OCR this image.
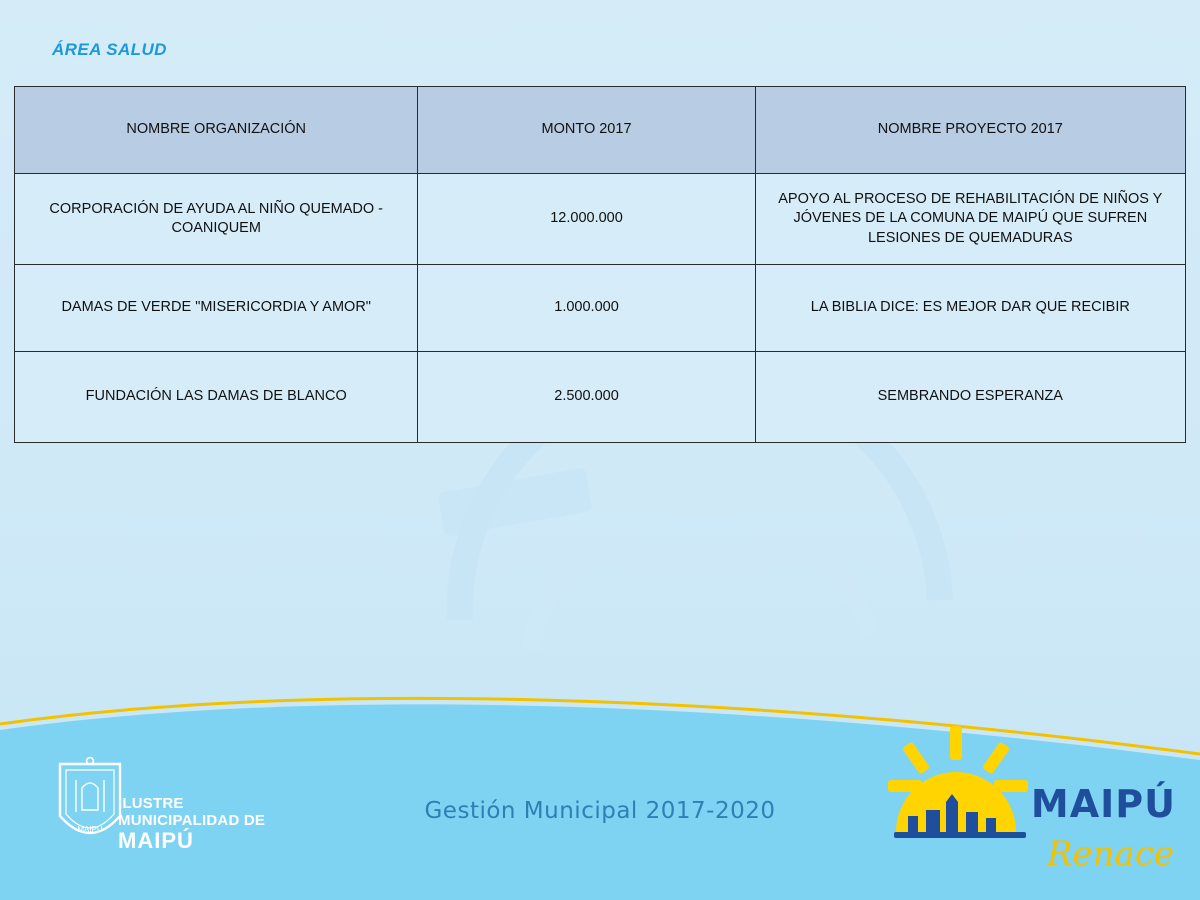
ÁREA SALUD
NOMBRE ORGANIZACIÓN	MONTO 2017	NOMBRE PROYECTO 2017
CORPORACIÓN DE AYUDA AL NIÑO QUEMADO - COANIQUEM	12.000.000	APOYO AL PROCESO DE REHABILITACIÓN DE NIÑOS Y JÓVENES DE LA COMUNA DE MAIPÚ QUE SUFREN LESIONES DE QUEMADURAS
DAMAS DE VERDE "MISERICORDIA Y AMOR"	1.000.000	LA BIBLIA DICE: ES MEJOR DAR QUE RECIBIR
FUNDACIÓN LAS DAMAS DE BLANCO	2.500.000	SEMBRANDO ESPERANZA
MAIPÚ
ILUSTRE
MUNICIPALIDAD DE
MAIPÚ
Gestión Municipal 2017-2020	MAIPÚ
Renace
